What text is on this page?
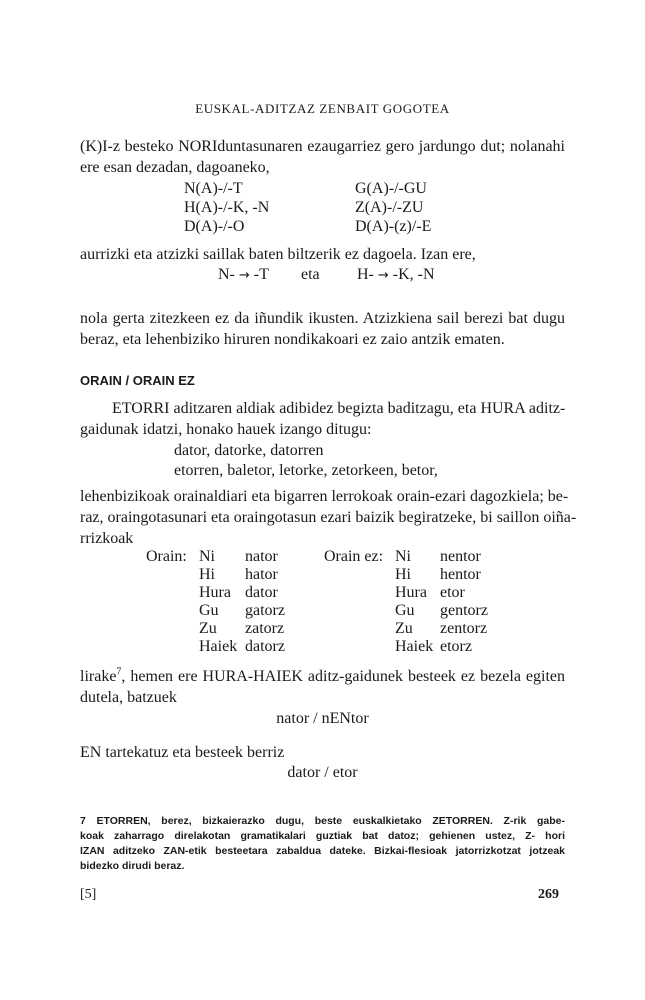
EUSKAL-ADITZAZ ZENBAIT GOGOTEA
(K)I-z besteko NORIduntasunaren ezaugarriez gero jardungo dut; nolanahi
ere esan dezadan, dagoaneko,
N(A)-/-T
H(A)-/-K, -N
D(A)-/-O
G(A)-/-GU
Z(A)-/-ZU
D(A)-(z)/-E
aurrizki eta atzizki saillak baten biltzerik ez dagoela. Izan ere,
N- → -T eta H- → -K, -N
nola gerta zitezkeen ez da iñundik ikusten. Atzizkiena sail berezi bat dugu
beraz, eta lehenbiziko hiruren nondikakoari ez zaio antzik ematen.
ORAIN / ORAIN EZ
ETORRI aditzaren aldiak adibidez begizta baditzagu, eta HURA aditz-
gaidunak idatzi, honako hauek izango ditugu:
dator, datorke, datorren
etorren, baletor, letorke, zetorkeen, betor,
lehenbizikoak orainaldiari eta bigarren lerrokoak orain-ezari dagozkiela; be-
raz, oraingotasunari eta oraingotasun ezari baizik begiratzeke, bi saillon oiña-
rrizkoak
Orain:	Orain ez:
Ni
Hi
Hura
Gu
Zu
Haiek
nator
hator
dator
gatorz
zatorz
datorz
Ni
Hi
Hura
Gu
Zu
Haiek
nentor
hentor
etor
gentorz
zentorz
etorz
lirake$^7$, hemen ere HURA-HAIEK aditz-gaidunek besteek ez bezela egiten
dutela, batzuek
nator / nENtor
EN tartekatuz eta besteek berriz
dator / etor
7 ETORREN, berez, bizkaierazko dugu, beste euskalkietako ZETORREN. Z-rik gabe-
koak zaharrago direlakotan gramatikalari guztiak bat datoz; gehienen ustez, Z- hori
IZAN aditzeko ZAN-etik besteetara zabaldua dateke. Bizkai-flesioak jatorrizkotzat jotzeak
bidezko dirudi beraz.
[5]	269
